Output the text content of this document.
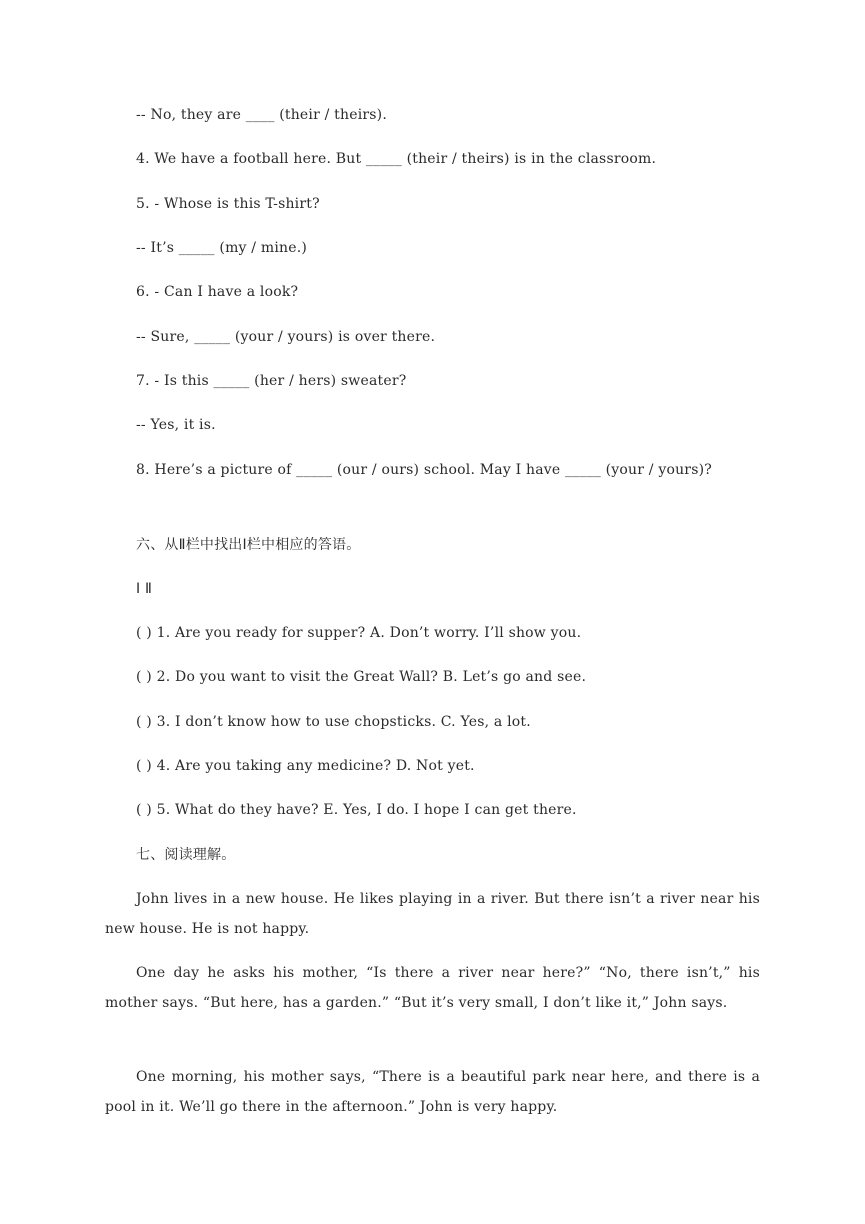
-- No, they are ____ (their / theirs).
4. We have a football here. But _____ (their / theirs) is in the classroom.
5. - Whose is this T-shirt?
-- It’s _____ (my / mine.)
6. - Can I have a look?
-- Sure, _____ (your / yours) is over there.
7. - Is this _____ (her / hers) sweater?
-- Yes, it is.
8. Here’s a picture of _____ (our / ours) school. May I have _____ (your / yours)?
六、从Ⅱ栏中找出Ⅰ栏中相应的答语。
Ⅰ Ⅱ
( ) 1. Are you ready for supper? A. Don’t worry. I’ll show you.
( ) 2. Do you want to visit the Great Wall? B. Let’s go and see.
( ) 3. I don’t know how to use chopsticks. C. Yes, a lot.
( ) 4. Are you taking any medicine? D. Not yet.
( ) 5. What do they have? E. Yes, I do. I hope I can get there.
七、阅读理解。
John lives in a new house. He likes playing in a river. But there isn’t a river near his new house. He is not happy.
One day he asks his mother, “Is there a river near here?” “No, there isn’t,” his mother says. “But here, has a garden.” “But it’s very small, I don’t like it,” John says.
One morning, his mother says, “There is a beautiful park near here, and there is a pool in it. We’ll go there in the afternoon.” John is very happy.
